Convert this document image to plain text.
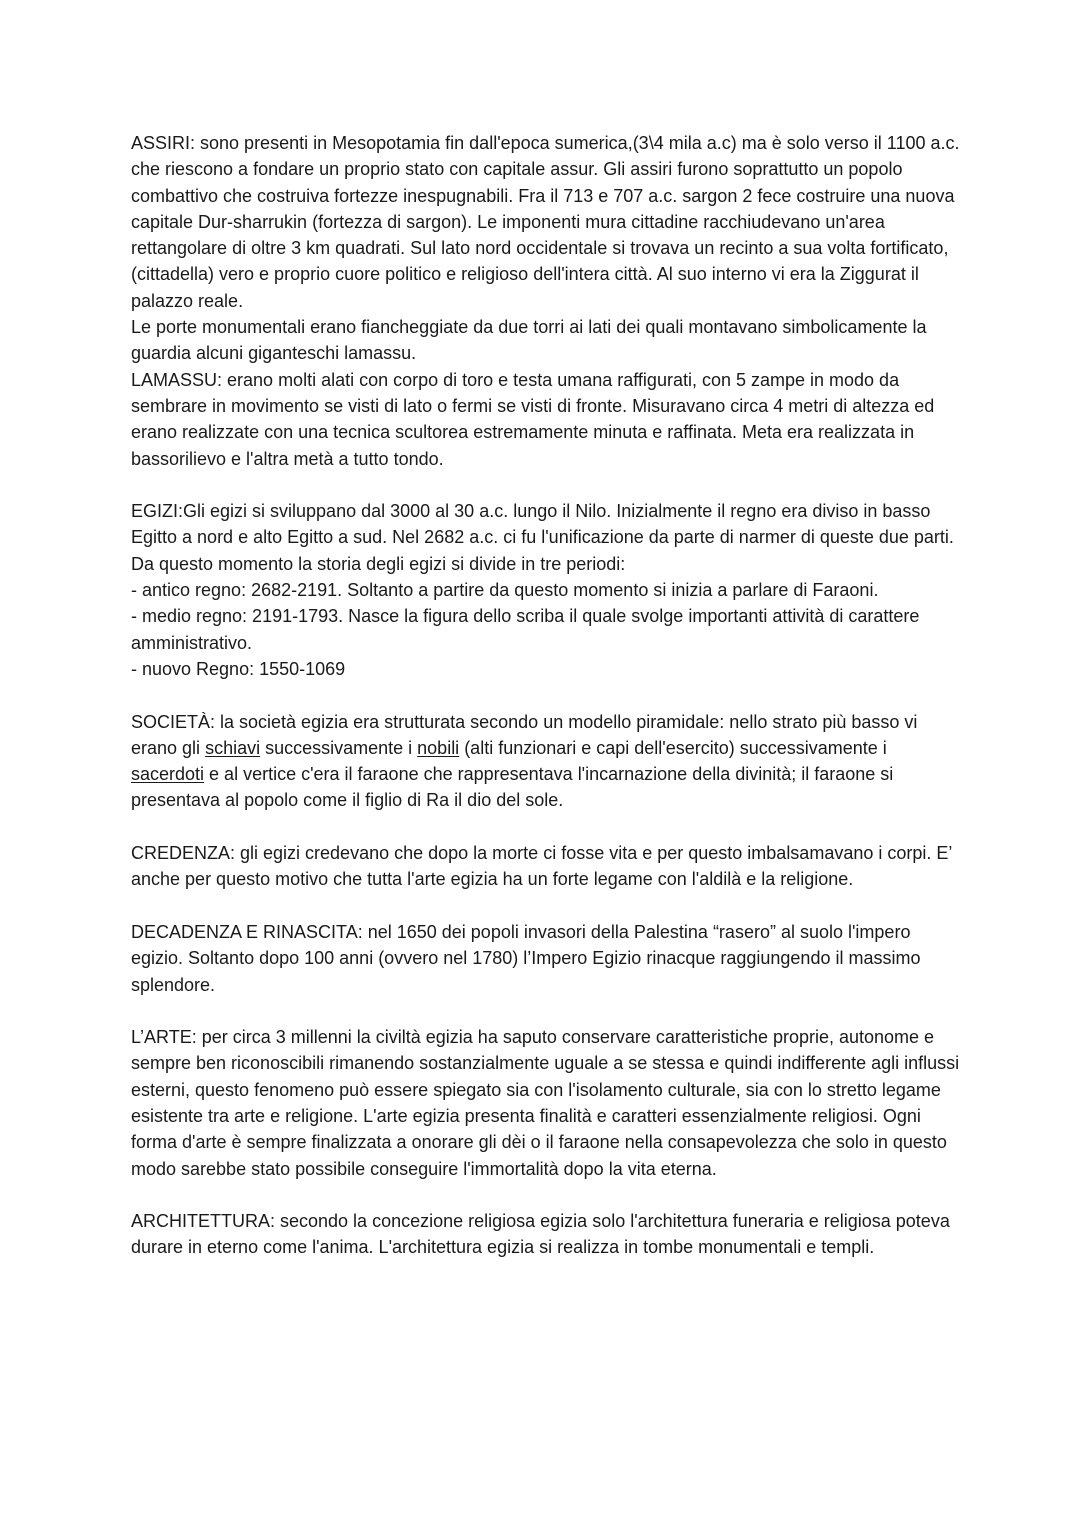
ASSIRI: sono presenti in Mesopotamia fin dall'epoca sumerica,(3\4 mila a.c) ma è solo verso il 1100 a.c. che riescono a fondare un proprio stato con capitale assur. Gli assiri furono soprattutto un popolo combattivo che costruiva fortezze inespugnabili. Fra il 713 e 707 a.c. sargon 2 fece costruire una nuova capitale Dur-sharrukin (fortezza di sargon). Le imponenti mura cittadine racchiudevano un'area rettangolare di oltre 3 km quadrati. Sul lato nord occidentale si trovava un recinto a sua volta fortificato,(cittadella) vero e proprio cuore politico e religioso dell'intera città. Al suo interno vi era la Ziggurat il palazzo reale.

Le porte monumentali erano fiancheggiate da due torri ai lati dei quali montavano simbolicamente la guardia alcuni giganteschi lamassu.

LAMASSU: erano molti alati con corpo di toro e testa umana raffigurati, con 5 zampe in modo da sembrare in movimento se visti di lato o fermi se visti di fronte. Misuravano circa 4 metri di altezza ed erano realizzate con una tecnica scultorea estremamente minuta e raffinata. Meta era realizzata in bassorilievo e l'altra metà a tutto tondo.

EGIZI:Gli egizi si sviluppano dal 3000 al 30 a.c. lungo il Nilo. Inizialmente il regno era diviso in basso Egitto a nord e alto Egitto a sud. Nel 2682 a.c. ci fu l'unificazione da parte di narmer di queste due parti. Da questo momento la storia degli egizi si divide in tre periodi:

- antico regno: 2682-2191. Soltanto a partire da questo momento si inizia a parlare di Faraoni.

- medio regno: 2191-1793. Nasce la figura dello scriba il quale svolge importanti attività di carattere amministrativo.

- nuovo Regno: 1550-1069

SOCIETÀ: la società egizia era strutturata secondo un modello piramidale: nello strato più basso vi erano gli schiavi successivamente i nobili (alti funzionari e capi dell'esercito) successivamente i sacerdoti e al vertice c'era il faraone che rappresentava l'incarnazione della divinità; il faraone si presentava al popolo come il figlio di Ra il dio del sole.

CREDENZA: gli egizi credevano che dopo la morte ci fosse vita e per questo imbalsamavano i corpi. E’ anche per questo motivo che tutta l'arte egizia ha un forte legame con l'aldilà e la religione.

DECADENZA E RINASCITA: nel 1650 dei popoli invasori della Palestina “rasero” al suolo l'impero egizio. Soltanto dopo 100 anni (ovvero nel 1780) l’Impero Egizio rinacque raggiungendo il massimo splendore.

L’ARTE: per circa 3 millenni la civiltà egizia ha saputo conservare caratteristiche proprie, autonome e sempre ben riconoscibili rimanendo sostanzialmente uguale a se stessa e quindi indifferente agli influssi esterni, questo fenomeno può essere spiegato sia con l'isolamento culturale, sia con lo stretto legame esistente tra arte e religione. L'arte egizia presenta finalità e caratteri essenzialmente religiosi. Ogni forma d'arte è sempre finalizzata a onorare gli dèi o il faraone nella consapevolezza che solo in questo modo sarebbe stato possibile conseguire l'immortalità dopo la vita eterna.

ARCHITETTURA: secondo la concezione religiosa egizia solo l'architettura funeraria e religiosa poteva durare in eterno come l'anima. L'architettura egizia si realizza in tombe monumentali e templi.
